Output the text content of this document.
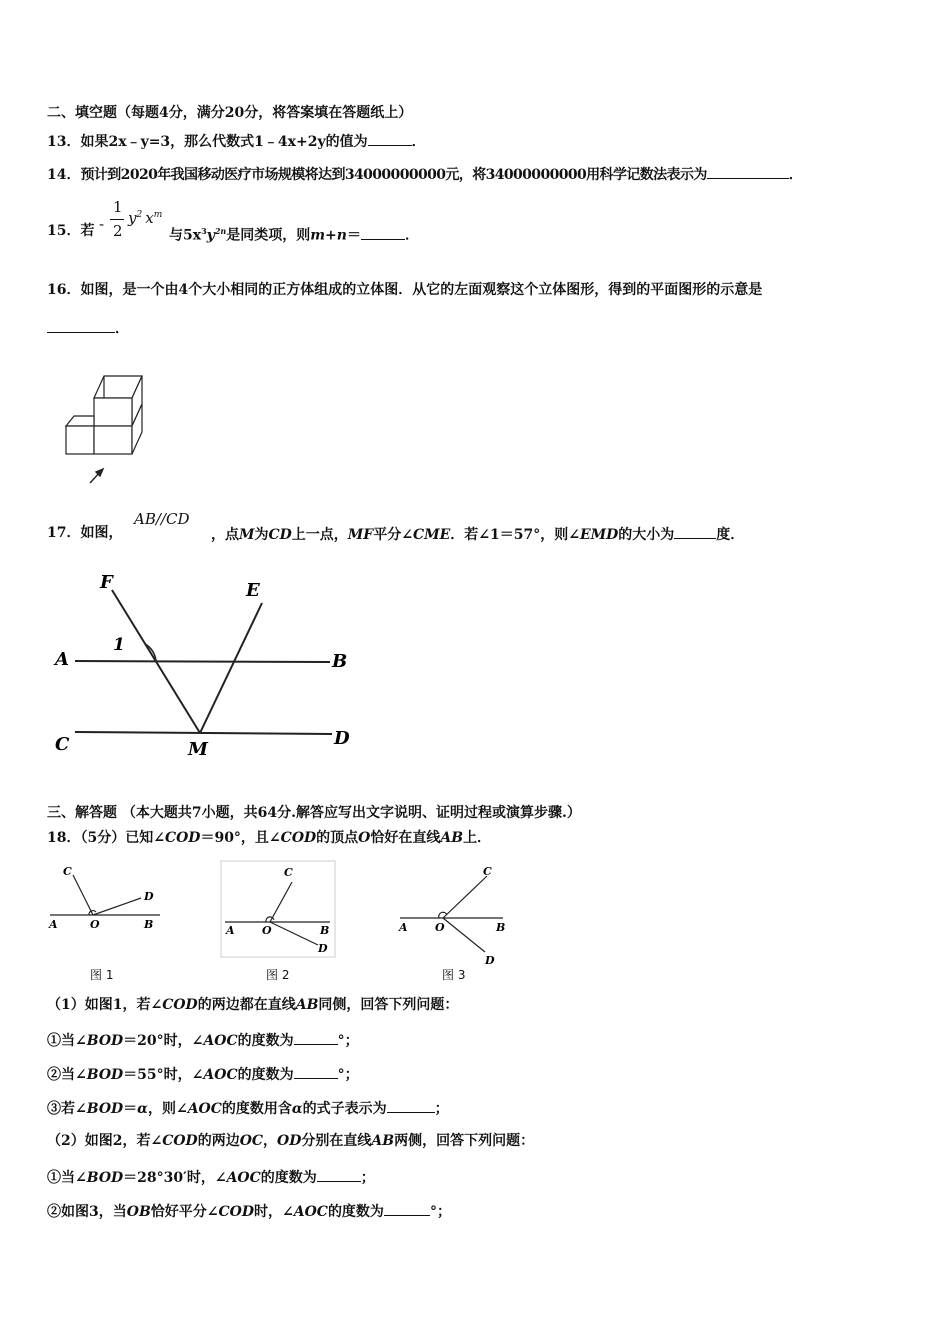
二、填空题（每题4分，满分20分，将答案填在答题纸上）
13．如果2x﹣y=3，那么代数式1﹣4x+2y的值为	．
14．预计到2020年我国移动医疗市场规模将达到34000000000元，将34000000000用科学记数法表示为	．
15．若 -
1
2
$y^2$ $x^m$
与$5x^3y^{2n}$是同类项，则m+n＝	．
16．如图，是一个由4个大小相同的正方体组成的立体图．从它的左面观察这个立体图形，得到的平面图形的示意是
．
17．如图，
AB//CD
，点M为CD上一点，MF平分∠CME．若∠1＝57°，则∠EMD的大小为	度．
F	E
A	B
C	D
M
1
三、解答题 （本大题共7小题，共64分.解答应写出文字说明、证明过程或演算步骤.）
18．（5分）已知∠COD＝90°，且∠COD的顶点O恰好在直线AB上．
C
D
A	O	B
图 1
C
A O	B
D
图 2
C
A O	B
D
图 3
（1）如图1，若∠COD的两边都在直线AB同侧，回答下列问题：
①当∠BOD＝20°时，∠AOC的度数为	°；
②当∠BOD＝55°时，∠AOC的度数为	°；
③若∠BOD＝α，则∠AOC的度数用含α的式子表示为	；
（2）如图2，若∠COD的两边OC，OD分别在直线AB两侧，回答下列问题：
①当∠BOD＝28°30′时，∠AOC的度数为	；
②如图3，当OB恰好平分∠COD时，∠AOC的度数为	°；
